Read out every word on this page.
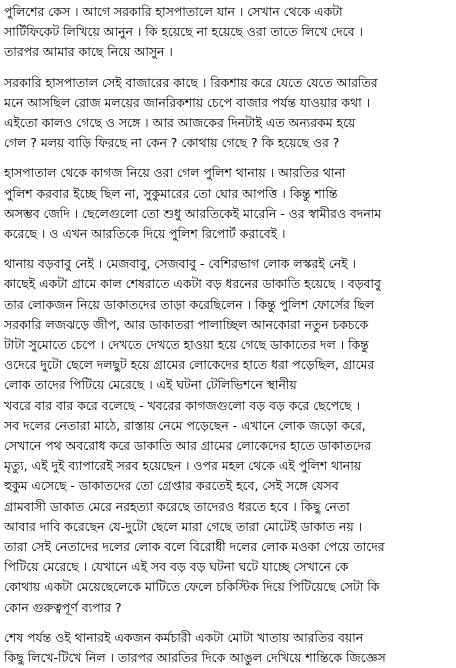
পুলিশের কেস । আগে সরকারি হাসপাতালে যান । সেখান থেকে একটা
সার্টিফিকেট লিখিয়ে আনুন । কি হয়েছে না হয়েছে ওরা তাতে লিখে দেবে ।
তারপর আমার কাছে নিয়ে আসুন ।
সরকারি হাসপাতাল সেই বাজারের কাছে । রিকশায় করে যেতে যেতে আরতির
মনে আসছিল রোজ মলয়ের জানরিকশায় চেপে বাজার পর্যন্ত যাওয়ার কথা ।
এইতো কালও গেছে ও সঙ্গে । আর আজকের দিনটাই এত অন্যরকম হয়ে
গেল ? মলয় বাড়ি ফিরছে না কেন ? কোথায় গেছে ? কি হয়েছে ওর ?
হাসপাতাল থেকে কাগজ নিয়ে ওরা গেল পুলিশ থানায় । আরতির থানা
পুলিশ করবার ইচ্ছে ছিল না, সুকুমারের তো ঘোর আপত্তি । কিন্তু শান্তি
অসম্ভব জেদি । ছেলেগুলো তো শুধু আরতিকেই মারেনি - ওর স্বামীরও বদনাম
করেছে । ও এখন আরতিকে দিয়ে পুলিশ রিপোর্ট করাবেই ।
থানায় বড়বাবু নেই । মেজবাবু, সেজবাবু - বেশিরভাগ লোক লস্করই নেই ।
কাছেই একটা গ্রামে কাল শেষরাতে একটা বড় ধরনের ডাকাতি হয়েছে । বড়বাবু
তার লোকজন নিয়ে ডাকাতদের তাড়া করেছিলেন । কিন্তু পুলিশ ফোর্সের ছিল
সরকারি লজঝড়ে জীপ, আর ডাকাতরা পালাচ্ছিল আনকোরা নতুন চকচকে
টাটা সুমোতে চেপে । দেখতে দেখতে হাওয়া হয়ে গেছে ডাকাতের দল । কিন্তু
ওদেরে দুটো ছেলে দলছুট হয়ে গ্রামের লোকেদের হাতে ধরা পড়েছিল, গ্রামের
লোক তাদের পিটিয়ে মেরেছে । এই ঘটনা টেলিভিশনে স্থানীয়
খবরে বার বার করে বলেছে - খবরের কাগজগুলো বড় বড় করে ছেপেছে ।
সব দলের নেতারা মাঠে, রাস্তায় নেমে পড়েছেন - এখানে লোক জড়ো করে,
সেখানে পথ অবরোধ করে ডাকাতি আর গ্রামের লোকেদের হাতে ডাকাতদের
মৃত্যু, এই দুই ব্যাপারেই সরব হয়েছেন । ওপর মহল থেকে এই পুলিশ থানায়
হুকুম এসেছে - ডাকাতদের তো গ্রেপ্তার করতেই হবে, সেই সঙ্গে যেসব
গ্রামবাসী ডাকাত মেরে নরহত্যা করেছে তাদেরও ধরতে হবে । কিছু নেতা
আবার দাবি করেছেন যে-দুটো ছেলে মারা গেছে তারা মোটেই ডাকাত নয় ।
তারা সেই নেতাদের দলের লোক বলে বিরোধী দলের লোক মওকা পেয়ে তাদের
পিটিয়ে মেরেছে । যেখানে এই সব বড় বড় ঘটনা ঘটে যাচ্ছে সেখানে কে
কোথায় একটা মেয়েছেলেকে মাটিতে ফেলে চকিস্টিক দিয়ে পিটিয়েছে সেটা কি
কোন গুরুত্বপূর্ণ ব্যপার ?
শেষ পর্যন্ত ওই থানারই একজন কর্মচারী একটা মোটা খাতায় আরতির বয়ান
কিছু লিখে-টিখে নিল । তারপর আরতির দিকে আঙুল দেখিয়ে শান্তিকে জিজ্ঞেস
